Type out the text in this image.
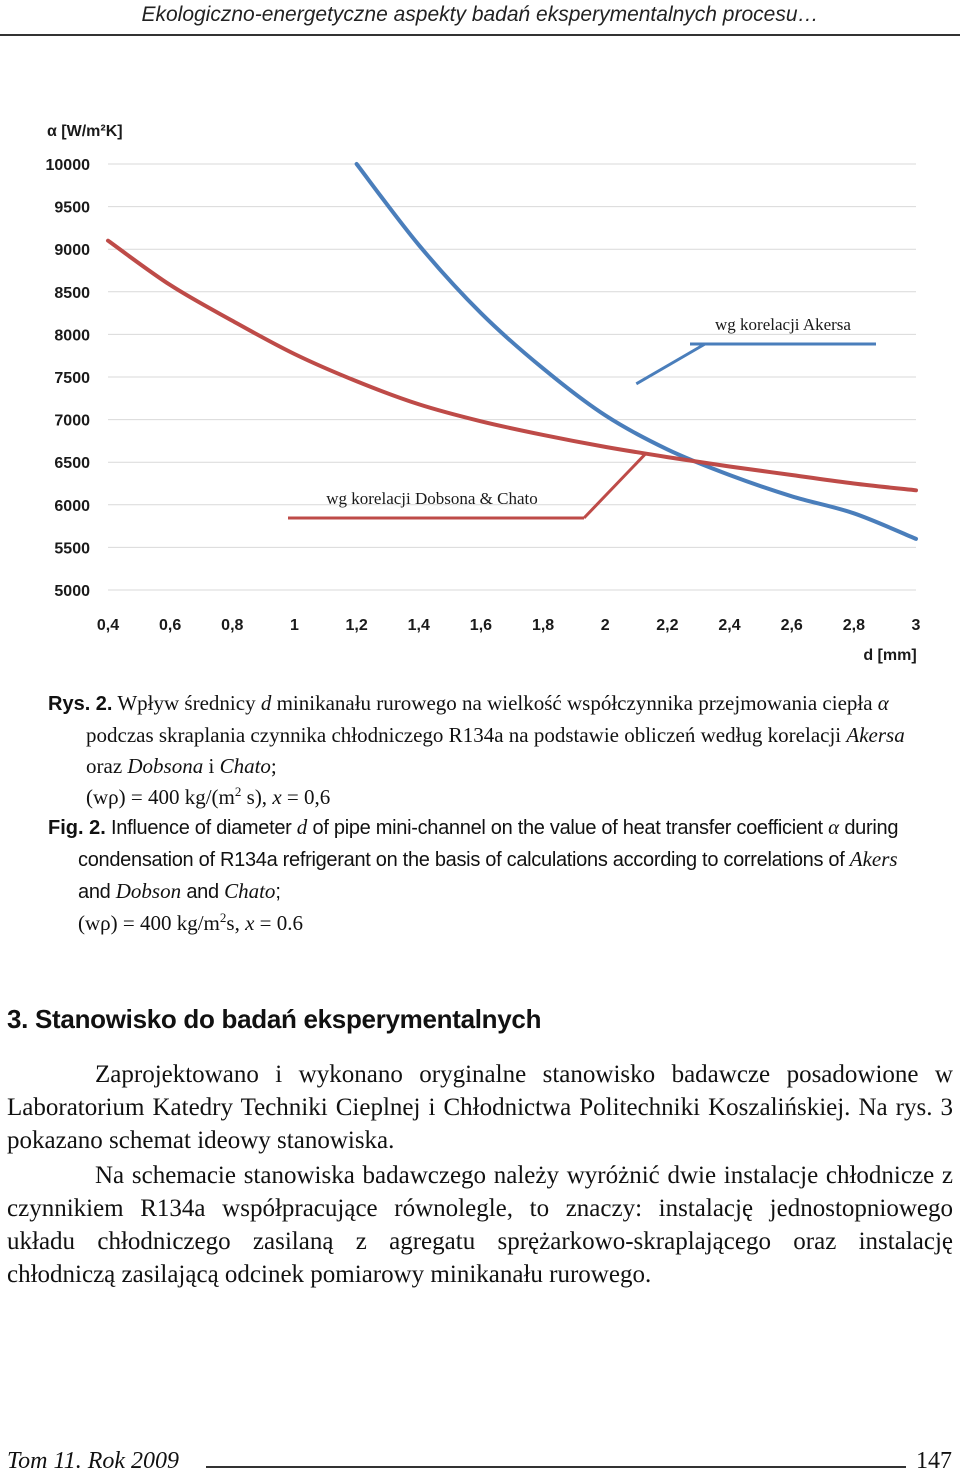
Ekologiczno-energetyczne aspekty badań eksperymentalnych procesu…
α [W/m²K]
d [mm]
5000
5500
6000
6500
7000
7500
8000
8500
9000
9500
10000
0,4 0,6 0,8	1	1,2 1,4 1,6 1,8	2	2,2 2,4 2,6 2,8	3
wg korelacji Akersa
wg korelacji Dobsona & Chato
Rys. 2. Wpływ średnicy d minikanału rurowego na wielkość współczynnika przejmowania ciepła α podczas skraplania czynnika chłodniczego R134a na podstawie obliczeń według korelacji Akersa oraz Dobsona i Chato;
(wρ) = 400 $kg/(m^2$ s), x = 0,6
Fig. 2. Influence of diameter d of pipe mini-channel on the value of heat transfer coefficient α during condensation of R134a refrigerant on the basis of calculations according to correlations of Akers and Dobson and Chato;
(wρ) = 400 $kg/m^2s$, x = 0.6
3. Stanowisko do badań eksperymentalnych

Zaprojektowano i wykonano oryginalne stanowisko badawcze posadowione w Laboratorium Katedry Techniki Cieplnej i Chłodnictwa Politechniki Koszalińskiej. Na rys. 3 pokazano schemat ideowy stanowiska.

Na schemacie stanowiska badawczego należy wyróżnić dwie instalacje chłodnicze z czynnikiem R134a współpracujące równolegle, to znaczy: instalację jednostopniowego układu chłodniczego zasilaną z agregatu sprężarkowo-skraplającego oraz instalację chłodniczą zasilającą odcinek pomiarowy minikanału rurowego.

Tom 11. Rok 2009	147
